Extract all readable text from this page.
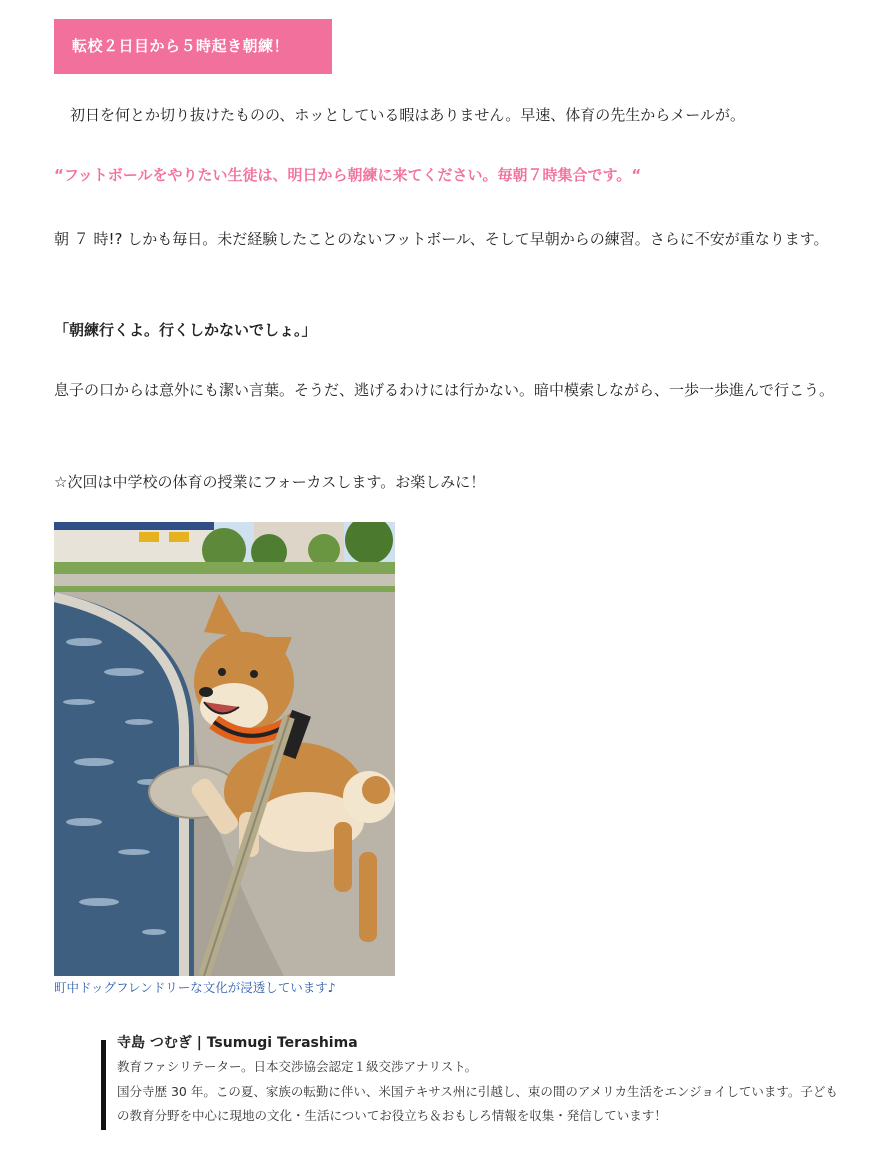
転校２日目から５時起き朝練！
初日を何とか切り抜けたものの、ホッとしている暇はありません。早速、体育の先生からメールが。
“フットボールをやりたい生徒は、明日から朝練に来てください。毎朝７時集合です。“
朝 ７ 時!? しかも毎日。未だ経験したことのないフットボール、そして早朝からの練習。さらに不安が重なります。
「朝練行くよ。行くしかないでしょ。」
息子の口からは意外にも潔い言葉。そうだ、逃げるわけには行かない。暗中模索しながら、一歩一歩進んで行こう。
☆次回は中学校の体育の授業にフォーカスします。お楽しみに！
町中ドッグフレンドリーな文化が浸透しています♪
寺島 つむぎ | Tsumugi Terashima
教育ファシリテーター。日本交渉協会認定１級交渉アナリスト。
国分寺歴 30 年。この夏、家族の転勤に伴い、米国テキサス州に引越し、束の間のアメリカ生活をエンジョイしています。子どもの教育分野を中心に現地の文化・生活についてお役立ち＆おもしろ情報を収集・発信しています！
